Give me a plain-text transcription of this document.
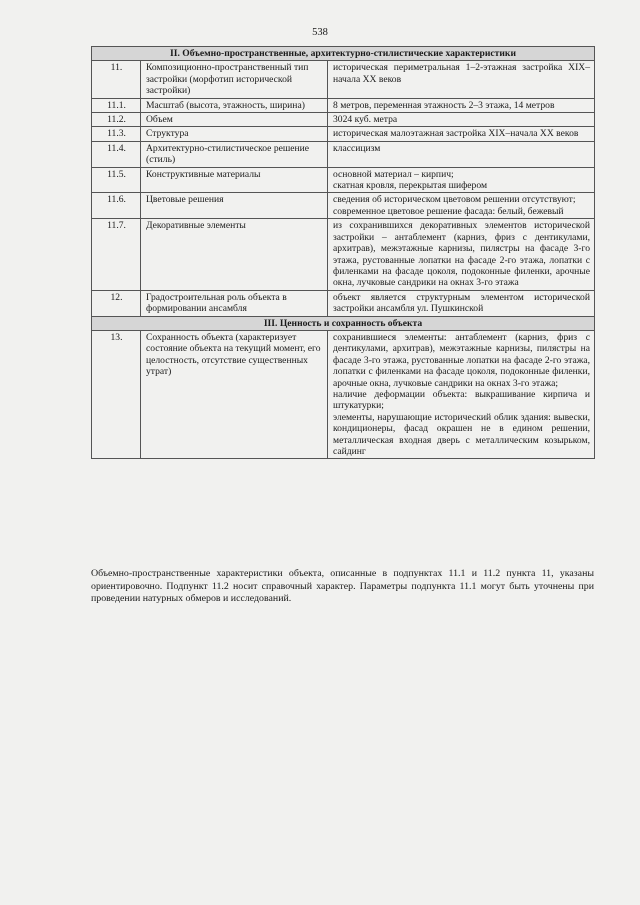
538
II. Объемно-пространственные, архитектурно-стилистические характеристики		
11.	Композиционно-пространственный тип застройки (морфотип исторической застройки)	историческая периметральная 1–2-этажная застройка XIX–начала XX веков

11.1.	Масштаб (высота, этажность, ширина)	8 метров, переменная этажность 2–3 этажа, 14 метров

11.2.	Объем	3024 куб. метра

11.3.	Структура	историческая малоэтажная застройка XIX–начала XX веков

11.4.	Архитектурно-стилистическое решение (стиль)	классицизм

11.5.	Конструктивные материалы	основной материал – кирпич;
скатная кровля, перекрытая шифером

11.6.	Цветовые решения	сведения об историческом цветовом решении отсутствуют;
современное цветовое решение фасада: белый, бежевый

11.7.	Декоративные элементы	из сохранившихся декоративных элементов исторической застройки – антаблемент (карниз, фриз с дентикулами, архитрав), межэтажные карнизы, пилястры на фасаде 3-го этажа, рустованные лопатки на фасаде 2-го этажа, лопатки с филенками на фасаде цоколя, подоконные филенки, арочные окна, лучковые сандрики на окнах 3-го этажа

12.	Градостроительная роль объекта в формировании ансамбля	объект является структурным элементом исторической застройки ансамбля ул. Пушкинской

III. Ценность и сохранность объекта		
13.	Сохранность объекта (характеризует состояние объекта на текущий момент, его целостность, отсутствие существенных утрат)	сохранившиеся элементы: антаблемент (карниз, фриз с дентикулами, архитрав), межэтажные карнизы, пилястры на фасаде 3-го этажа, рустованные лопатки на фасаде 2-го этажа, лопатки с филенками на фасаде цоколя, подоконные филенки, арочные окна, лучковые сандрики на окнах 3-го этажа;
наличие деформации объекта: выкрашивание кирпича и штукатурки;
элементы, нарушающие исторический облик здания: вывески, кондиционеры, фасад окрашен не в едином решении, металлическая входная дверь с металлическим козырьком, сайдинг
Объемно-пространственные характеристики объекта, описанные в подпунктах 11.1 и 11.2 пункта 11, указаны ориентировочно. Подпункт 11.2 носит справочный характер. Параметры подпункта 11.1 могут быть уточнены при проведении натурных обмеров и исследований.
